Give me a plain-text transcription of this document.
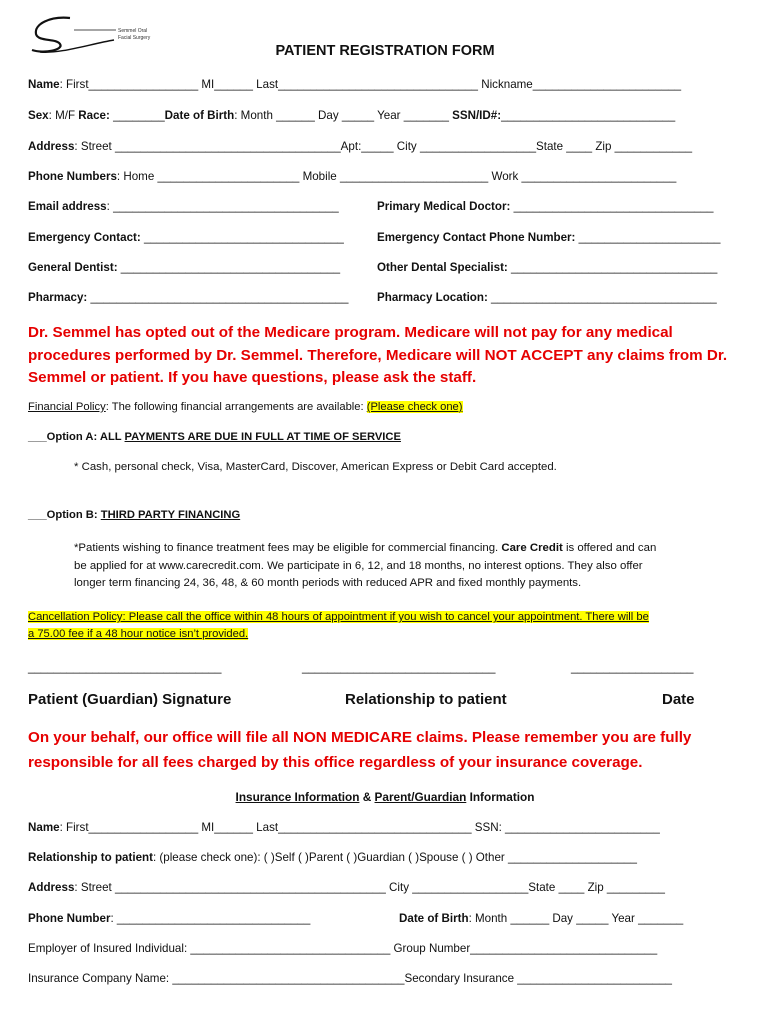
Semmel Oral
Facial Surgery
PATIENT REGISTRATION FORM
Name: First_________________ MI______ Last_______________________________ Nickname_______________________
Sex: M/F Race: ________Date of Birth: Month ______ Day _____ Year _______ SSN/ID#:___________________________
Address: Street ___________________________________Apt:_____ City __________________State ____ Zip ____________
Phone Numbers: Home ______________________ Mobile _______________________ Work ________________________
Email address: ___________________________________	Primary Medical Doctor: _______________________________
Emergency Contact: _______________________________	Emergency Contact Phone Number: ______________________
General Dentist: __________________________________	Other Dental Specialist: ________________________________
Pharmacy: ________________________________________ Pharmacy Location: ___________________________________
Dr. Semmel has opted out of the Medicare program. Medicare will not pay for any medical
procedures performed by Dr. Semmel. Therefore, Medicare will NOT ACCEPT any claims from Dr.
Semmel or patient. If you have questions, please ask the staff.
Financial Policy: The following financial arrangements are available: (Please check one)
___Option A: ALL PAYMENTS ARE DUE IN FULL AT TIME OF SERVICE
* Cash, personal check, Visa, MasterCard, Discover, American Express or Debit Card accepted.
___Option B: THIRD PARTY FINANCING
*Patients wishing to finance treatment fees may be eligible for commercial financing. Care Credit is offered and can
be applied for at www.carecredit.com. We participate in 6, 12, and 18 months, no interest options. They also offer
longer term financing 24, 36, 48, & 60 month periods with reduced APR and fixed monthly payments.
Cancellation Policy: Please call the office within 48 hours of appointment if you wish to cancel your appointment. There will be
a 75.00 fee if a 48 hour notice isn’t provided.
______________________________	______________________________	___________________
Patient (Guardian) Signature	Relationship to patient	Date
On your behalf, our office will file all NON MEDICARE claims. Please remember you are fully
responsible for all fees charged by this office regardless of your insurance coverage.
Insurance Information & Parent/Guardian Information
Name: First_________________ MI______ Last______________________________ SSN: ________________________
Relationship to patient: (please check one): ( )Self ( )Parent ( )Guardian ( )Spouse ( ) Other ____________________
Address: Street __________________________________________ City __________________State ____ Zip _________
Phone Number: ______________________________	Date of Birth: Month ______ Day _____ Year _______
Employer of Insured Individual: _______________________________ Group Number_____________________________
Insurance Company Name: ____________________________________Secondary Insurance ________________________
